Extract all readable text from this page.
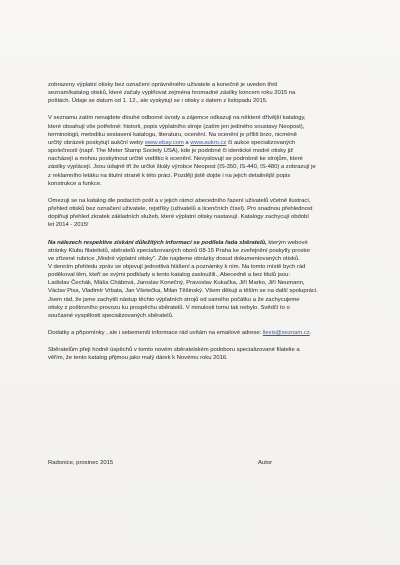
zobrazeny výplatní otisky bez označení oprávněného uživatele a konečně je uveden třetí
seznam/katalog otisků, které začaly vyplňovat zejména hromadné zásilky koncem roku 2015 na
poštách. Údaje se datum od 1. 12., ale vyskytují se i otisky s datem z listopadu 2015.
V seznamu zatím nenajdete dlouhé odborné úvody a zájemce odkazuji na některé dřívější katalogy,
které obsahují vše potřebné: historii, popis výplatního stroje (zatím jen jediného soustavy Neopost),
terminologii, metodiku sestavení katalogu, literaturu, ocenění. Na ocenění je příliš brzo, nicméně
určitý obrázek poskytují aukční weby www.ebay.com a www.aukro.cz či aukce specializovaných
společností (např. The Meter Stamp Society USA), kde je podobné či identické modré otisky již
nacházejí a mohou poskytnout určité vodítko k ocenění. Nevyslovují se podrobně ke strojům, které
zásilky vyplácejí. Jsou údajně tří že určké škály výrobce Neopost (IS-350, IS-440, IS-480) a zobrazují je
z reklamního letáku na titulní straně k této práci. Později jistě dojde i na jejich detailnější popis
konstrukce a funkce.
Omezuji se na katalog dle podacích pošt a v jejich rámci abecedního řazení uživatelů včetně ilustrací,
přehled otisků bez označení uživatele, rejstříky (uživatelů a licenčních čísel). Pro snadnou přehlednost
doplňuji přehled zkratek základních služeb, které výplatní otisky nastavují. Katalogy zachycují období
let 2014 - 2015!
Na nálezech respektive získání důležitých informací se podílela řada sběratelů, kterým webové
stránky Klubu filatelistů, sběratelů specializovaných oborů 08-15 Praha ke zveřejnění poskytly prostor
ve zřízené rubrice „Modré výplatní otisky". Zde najdeme obrázky dosud dokumentovaných otisků.
V denním přehledu zpráv se objevují jednotlivá hlášení a poznámky k nim. Na tomto místě bych rád
poděkoval těm, kteří se svými podklady a tento katalog zasloužili., Abecedně a bez titulů jsou:
Ladislav Čechák, Máša Chábová, Jaroslav Konečný, Pravoslav Kukačka, Jiří Marko, Jiří Neumann,
Václav Pixa, Vladimír Vrbata, Jan Všetečka, Milan Těšinský. Všem děkuji a těším se na další spolupráci.
Jsem rád, že jsme zachytili nástup těchto výplatních strojů od samého počátku a že zachycujeme
otisky z poštovního provozu ku prospěchu sběratelů. V minulosti tomu tak nebylo. Svědčí to o
současné vyspělosti specializovaných sběratelů.
Dodatky a připomínky , ale i sebemenší informace rád uvítám na emailové adrese: llexis@seznam.cz.
Sběratelům přeji hodně úspěchů v tomto novém sběratelském podoboru specializované filatelie a
věřím, že tento katalog přijmou jako malý dárek k Novému roku 2016.
Radonice, prosinec 2015	Autor
